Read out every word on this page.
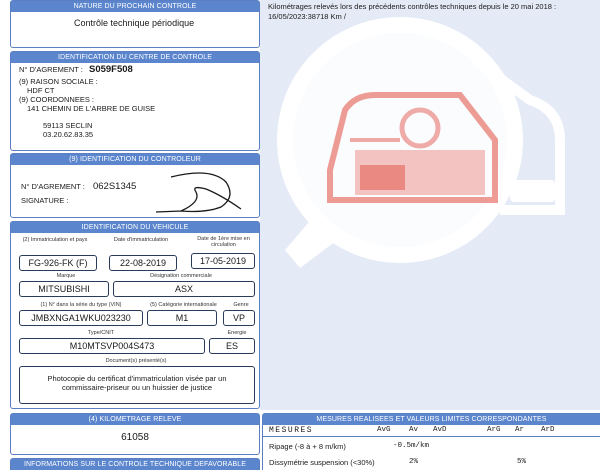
Kilométrages relevés lors des précédents contrôles techniques depuis le 20 mai 2018 :
16/05/2023:38718 Km /
NATURE DU PROCHAIN CONTROLE
Contrôle technique périodique
IDENTIFICATION DU CENTRE DE CONTROLE
N° D'AGREMENT : S059F508
(9) RAISON SOCIALE :
HDF CT
(9) COORDONNEES :
141 CHEMIN DE L'ARBRE DE GUISE
59113 SECLIN
03.20.62.83.35
(9) IDENTIFICATION DU CONTROLEUR
N° D'AGREMENT : 062S1345
SIGNATURE :
IDENTIFICATION DU VEHICULE
(2) Immatriculation et pays	Date d'immatriculation	Date de 1ère mise en circulation
FG-926-FK (F)	22-08-2019	17-05-2019
Marque	Désignation commerciale
MITSUBISHI	ASX
(1) N° dans la série du type (VIN)	(5) Catégorie internationale	Genre
JMBXNGA1WKU023230	M1	VP
Type/CNIT	Energie
M10MTSVP004S473	ES
Document(s) présenté(s)
Photocopie du certificat d'immatriculation visée par un commissaire-priseur ou un huissier de justice
(4) KILOMETRAGE RELEVE
61058
INFORMATIONS SUR LE CONTROLE TECHNIQUE DEFAVORABLE
MESURES REALISEES ET VALEURS LIMITES CORRESPONDANTES
MESURES	AvG Av AvD	ArG Ar ArD
Ripage (-8 à + 8 m/km)	-0.5m/km
Dissymétrie suspension (<30%)	2%	5%
